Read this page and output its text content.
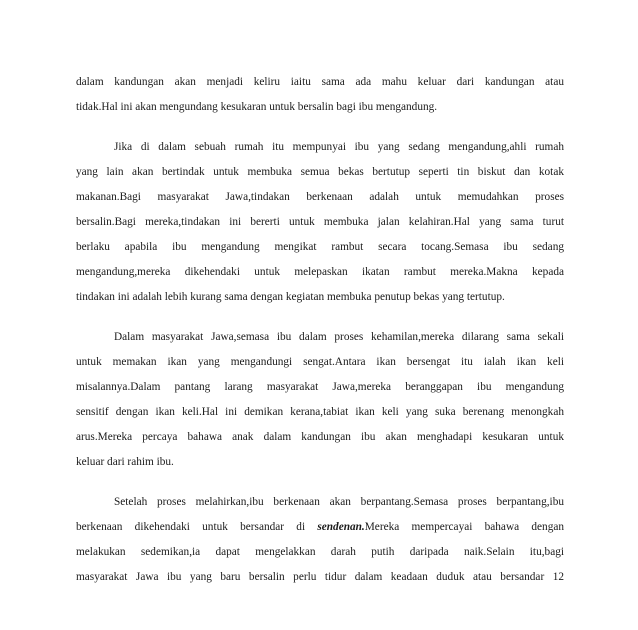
dalam kandungan akan menjadi keliru iaitu sama ada mahu keluar dari kandungan atau
tidak.Hal ini akan mengundang kesukaran untuk bersalin bagi ibu mengandung.
Jika di dalam sebuah rumah itu mempunyai ibu yang sedang mengandung,ahli rumah
yang lain akan bertindak untuk membuka semua bekas bertutup seperti tin biskut dan kotak
makanan.Bagi masyarakat Jawa,tindakan berkenaan adalah untuk memudahkan proses
bersalin.Bagi mereka,tindakan ini bererti untuk membuka jalan kelahiran.Hal yang sama turut
berlaku apabila ibu mengandung mengikat rambut secara tocang.Semasa ibu sedang
mengandung,mereka dikehendaki untuk melepaskan ikatan rambut mereka.Makna kepada
tindakan ini adalah lebih kurang sama dengan kegiatan membuka penutup bekas yang tertutup.
Dalam masyarakat Jawa,semasa ibu dalam proses kehamilan,mereka dilarang sama sekali
untuk memakan ikan yang mengandungi sengat.Antara ikan bersengat itu ialah ikan keli
misalannya.Dalam pantang larang masyarakat Jawa,mereka beranggapan ibu mengandung
sensitif dengan ikan keli.Hal ini demikan kerana,tabiat ikan keli yang suka berenang menongkah
arus.Mereka percaya bahawa anak dalam kandungan ibu akan menghadapi kesukaran untuk
keluar dari rahim ibu.
Setelah proses melahirkan,ibu berkenaan akan berpantang.Semasa proses berpantang,ibu
berkenaan dikehendaki untuk bersandar di sendenan.Mereka mempercayai bahawa dengan
melakukan sedemikan,ia dapat mengelakkan darah putih daripada naik.Selain itu,bagi
masyarakat Jawa ibu yang baru bersalin perlu tidur dalam keadaan duduk atau bersandar 12
